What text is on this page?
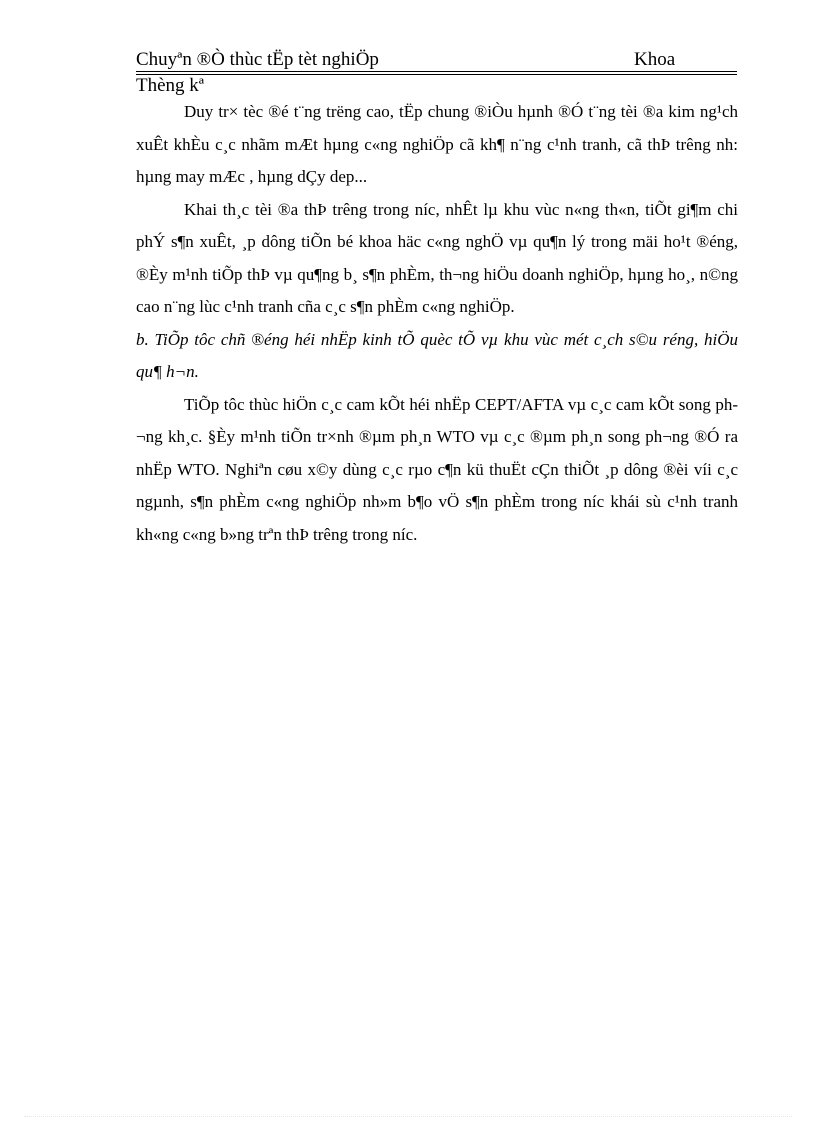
Chuyªn ®Ò thùc tËp tèt nghiÖp	Khoa
Thèng kª

Duy tr× tèc ®é t¨ng trëng cao, tËp chung ®iÒu hµnh ®Ó t¨ng tèi ®a kim ng¹ch xuÊt khÈu c¸c nhãm mÆt hµng c«ng nghiÖp cã kh¶ n¨ng c¹nh tranh, cã thÞ trêng nh: hµng may mÆc , hµng dÇy dep...

Khai th¸c tèi ®a thÞ trêng trong níc, nhÊt lµ khu vùc n«ng th«n, tiÕt gi¶m chi phÝ s¶n xuÊt, ¸p dông tiÕn bé khoa häc c«ng nghÖ vµ qu¶n lý trong mäi ho¹t ®éng, ®Èy m¹nh tiÕp thÞ vµ qu¶ng b¸ s¶n phÈm, th¬ng hiÖu doanh nghiÖp, hµng ho¸, n©ng cao n¨ng lùc c¹nh tranh cña c¸c s¶n phÈm c«ng nghiÖp.

b. TiÕp tôc chñ ®éng héi nhËp kinh tÕ quèc tÕ vµ khu vùc mét c¸ch s©u réng, hiÖu qu¶ h¬n.

TiÕp tôc thùc hiÖn c¸c cam kÕt héi nhËp CEPT/AFTA vµ c¸c cam kÕt song ph¬ng kh¸c. §Èy m¹nh tiÕn tr×nh ®µm ph¸n WTO vµ c¸c ®µm ph¸n song ph¬ng ®Ó ra nhËp WTO. Nghiªn cøu x©y dùng c¸c rµo c¶n kü thuËt cÇn thiÕt ¸p dông ®èi víi c¸c ngµnh, s¶n phÈm c«ng nghiÖp nh»m b¶o vÖ s¶n phÈm trong níc khái sù c¹nh tranh kh«ng c«ng b»ng trªn thÞ trêng trong níc.
